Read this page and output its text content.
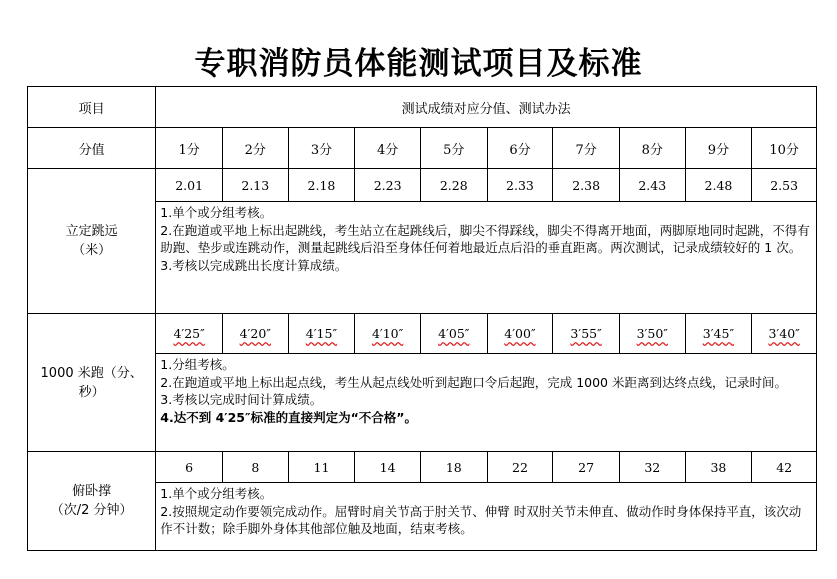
专职消防员体能测试项目及标准
项目	测试成绩对应分值、测试办法									
分值	1分	2分	3分	4分	5分	6分	7分	8分	9分	10分

立定跳远
（米）	2.01	2.13	2.18	2.23	2.28	2.33	2.38	2.43	2.48	2.53

	1.单个或分组考核。
2.在跑道或平地上标出起跳线，考生站立在起跳线后，脚尖不得踩线，脚尖不得离开地面，两脚原地同时起跳，不得有助跑、垫步或连跳动作，测量起跳线后沿至身体任何着地最近点后沿的垂直距离。两次测试，记录成绩较好的 1 次。
3.考核以完成跳出长度计算成绩。									

1000 米跑（分、
秒）	4′25″	4′20″	4′15″	4′10″	4′05″	4′00″	3′55″	3′50″	3′45″	3′40″

	1.分组考核。
2.在跑道或平地上标出起点线，考生从起点线处听到起跑口令后起跑，完成 1000 米距离到达终点线，记录时间。
3.考核以完成时间计算成绩。
4.达不到 4′25″标准的直接判定为“不合格”。									

俯卧撑
（次/2 分钟）	6	8	11	14	18	22	27	32	38	42

	1.单个或分组考核。
2.按照规定动作要领完成动作。屈臂时肩关节高于肘关节、伸臂 时双肘关节未伸直、做动作时身体保持平直，该次动作不计数；除手脚外身体其他部位触及地面，结束考核。									
